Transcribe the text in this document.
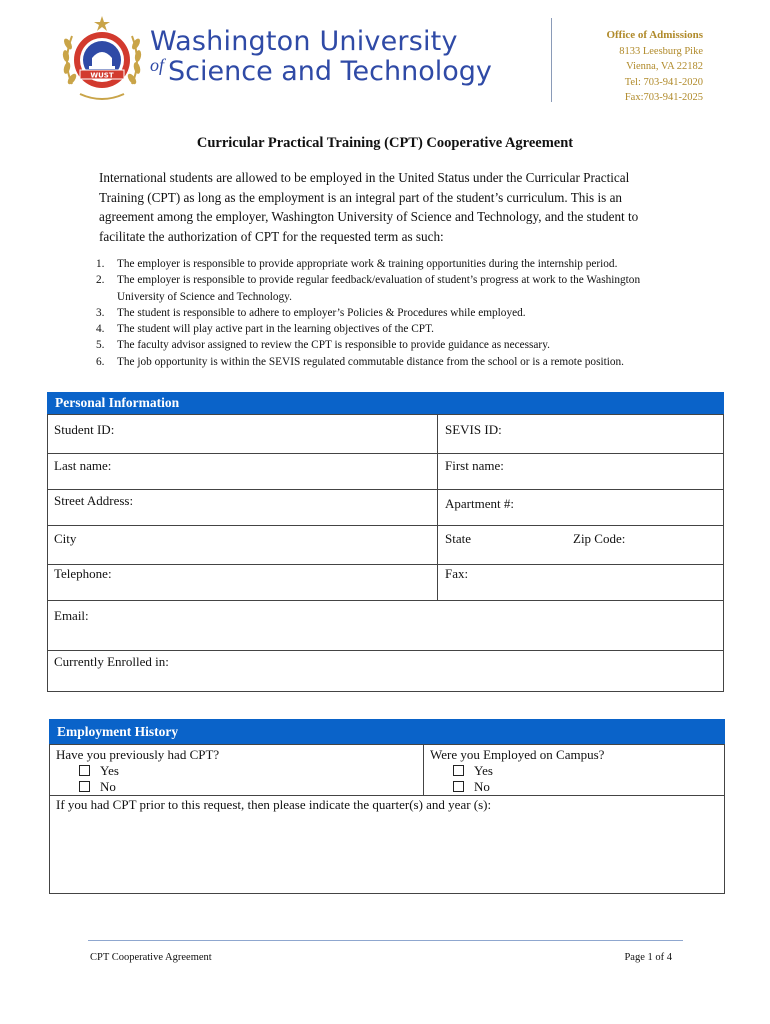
WUST
Washington University
$^{of}$ Science and Technology
Office of Admissions
8133 Leesburg Pike
Vienna, VA 22182
Tel: 703-941-2020
Fax:703-941-2025
Curricular Practical Training (CPT) Cooperative Agreement
International students are allowed to be employed in the United Status under the Curricular Practical Training (CPT) as long as the employment is an integral part of the student’s curriculum. This is an agreement among the employer, Washington University of Science and Technology, and the student to facilitate the authorization of CPT for the requested term as such:
1. The employer is responsible to provide appropriate work & training opportunities during the internship period.
2. The employer is responsible to provide regular feedback/evaluation of student’s progress at work to the Washington University of Science and Technology.
3. The student is responsible to adhere to employer’s Policies & Procedures while employed.
4. The student will play active part in the learning objectives of the CPT.
5. The faculty advisor assigned to review the CPT is responsible to provide guidance as necessary.
6. The job opportunity is within the SEVIS regulated commutable distance from the school or is a remote position.
Personal Information
Student ID:	SEVIS ID:
Last name:	First name:
Street Address:	Apartment #:
City	State	Zip Code:
Telephone:	Fax:
Email:
Currently Enrolled in:
Employment History
Have you previously had CPT?
Yes
No
Were you Employed on Campus?
Yes
No
If you had CPT prior to this request, then please indicate the quarter(s) and year (s):
CPT Cooperative Agreement	Page 1 of 4
